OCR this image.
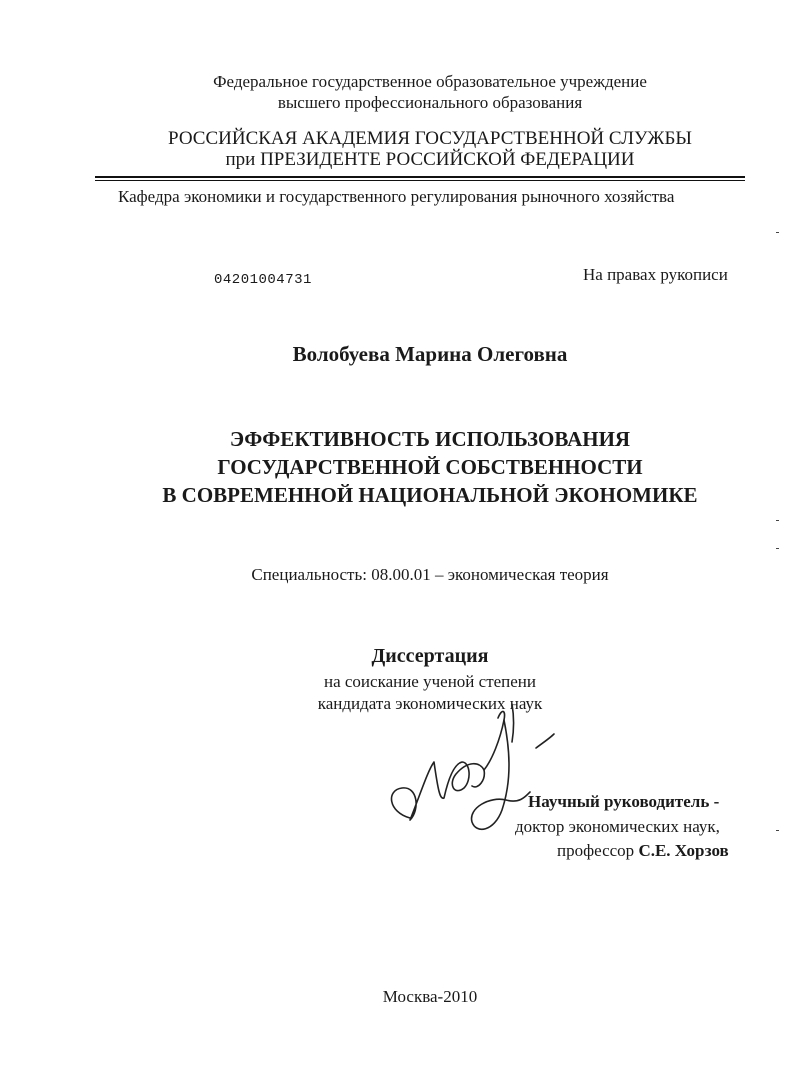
Федеральное государственное образовательное учреждение
высшего профессионального образования
РОССИЙСКАЯ АКАДЕМИЯ ГОСУДАРСТВЕННОЙ СЛУЖБЫ
при ПРЕЗИДЕНТЕ РОССИЙСКОЙ ФЕДЕРАЦИИ
Кафедра экономики и государственного регулирования рыночного хозяйства
04201004731	На правах рукописи
Волобуева Марина Олеговна
ЭФФЕКТИВНОСТЬ ИСПОЛЬЗОВАНИЯ
ГОСУДАРСТВЕННОЙ СОБСТВЕННОСТИ
В СОВРЕМЕННОЙ НАЦИОНАЛЬНОЙ ЭКОНОМИКЕ
Специальность: 08.00.01 – экономическая теория
Диссертация
на соискание ученой степени
кандидата экономических наук
Научный руководитель -
доктор экономических наук,
профессор С.Е. Хорзов
Москва-2010
